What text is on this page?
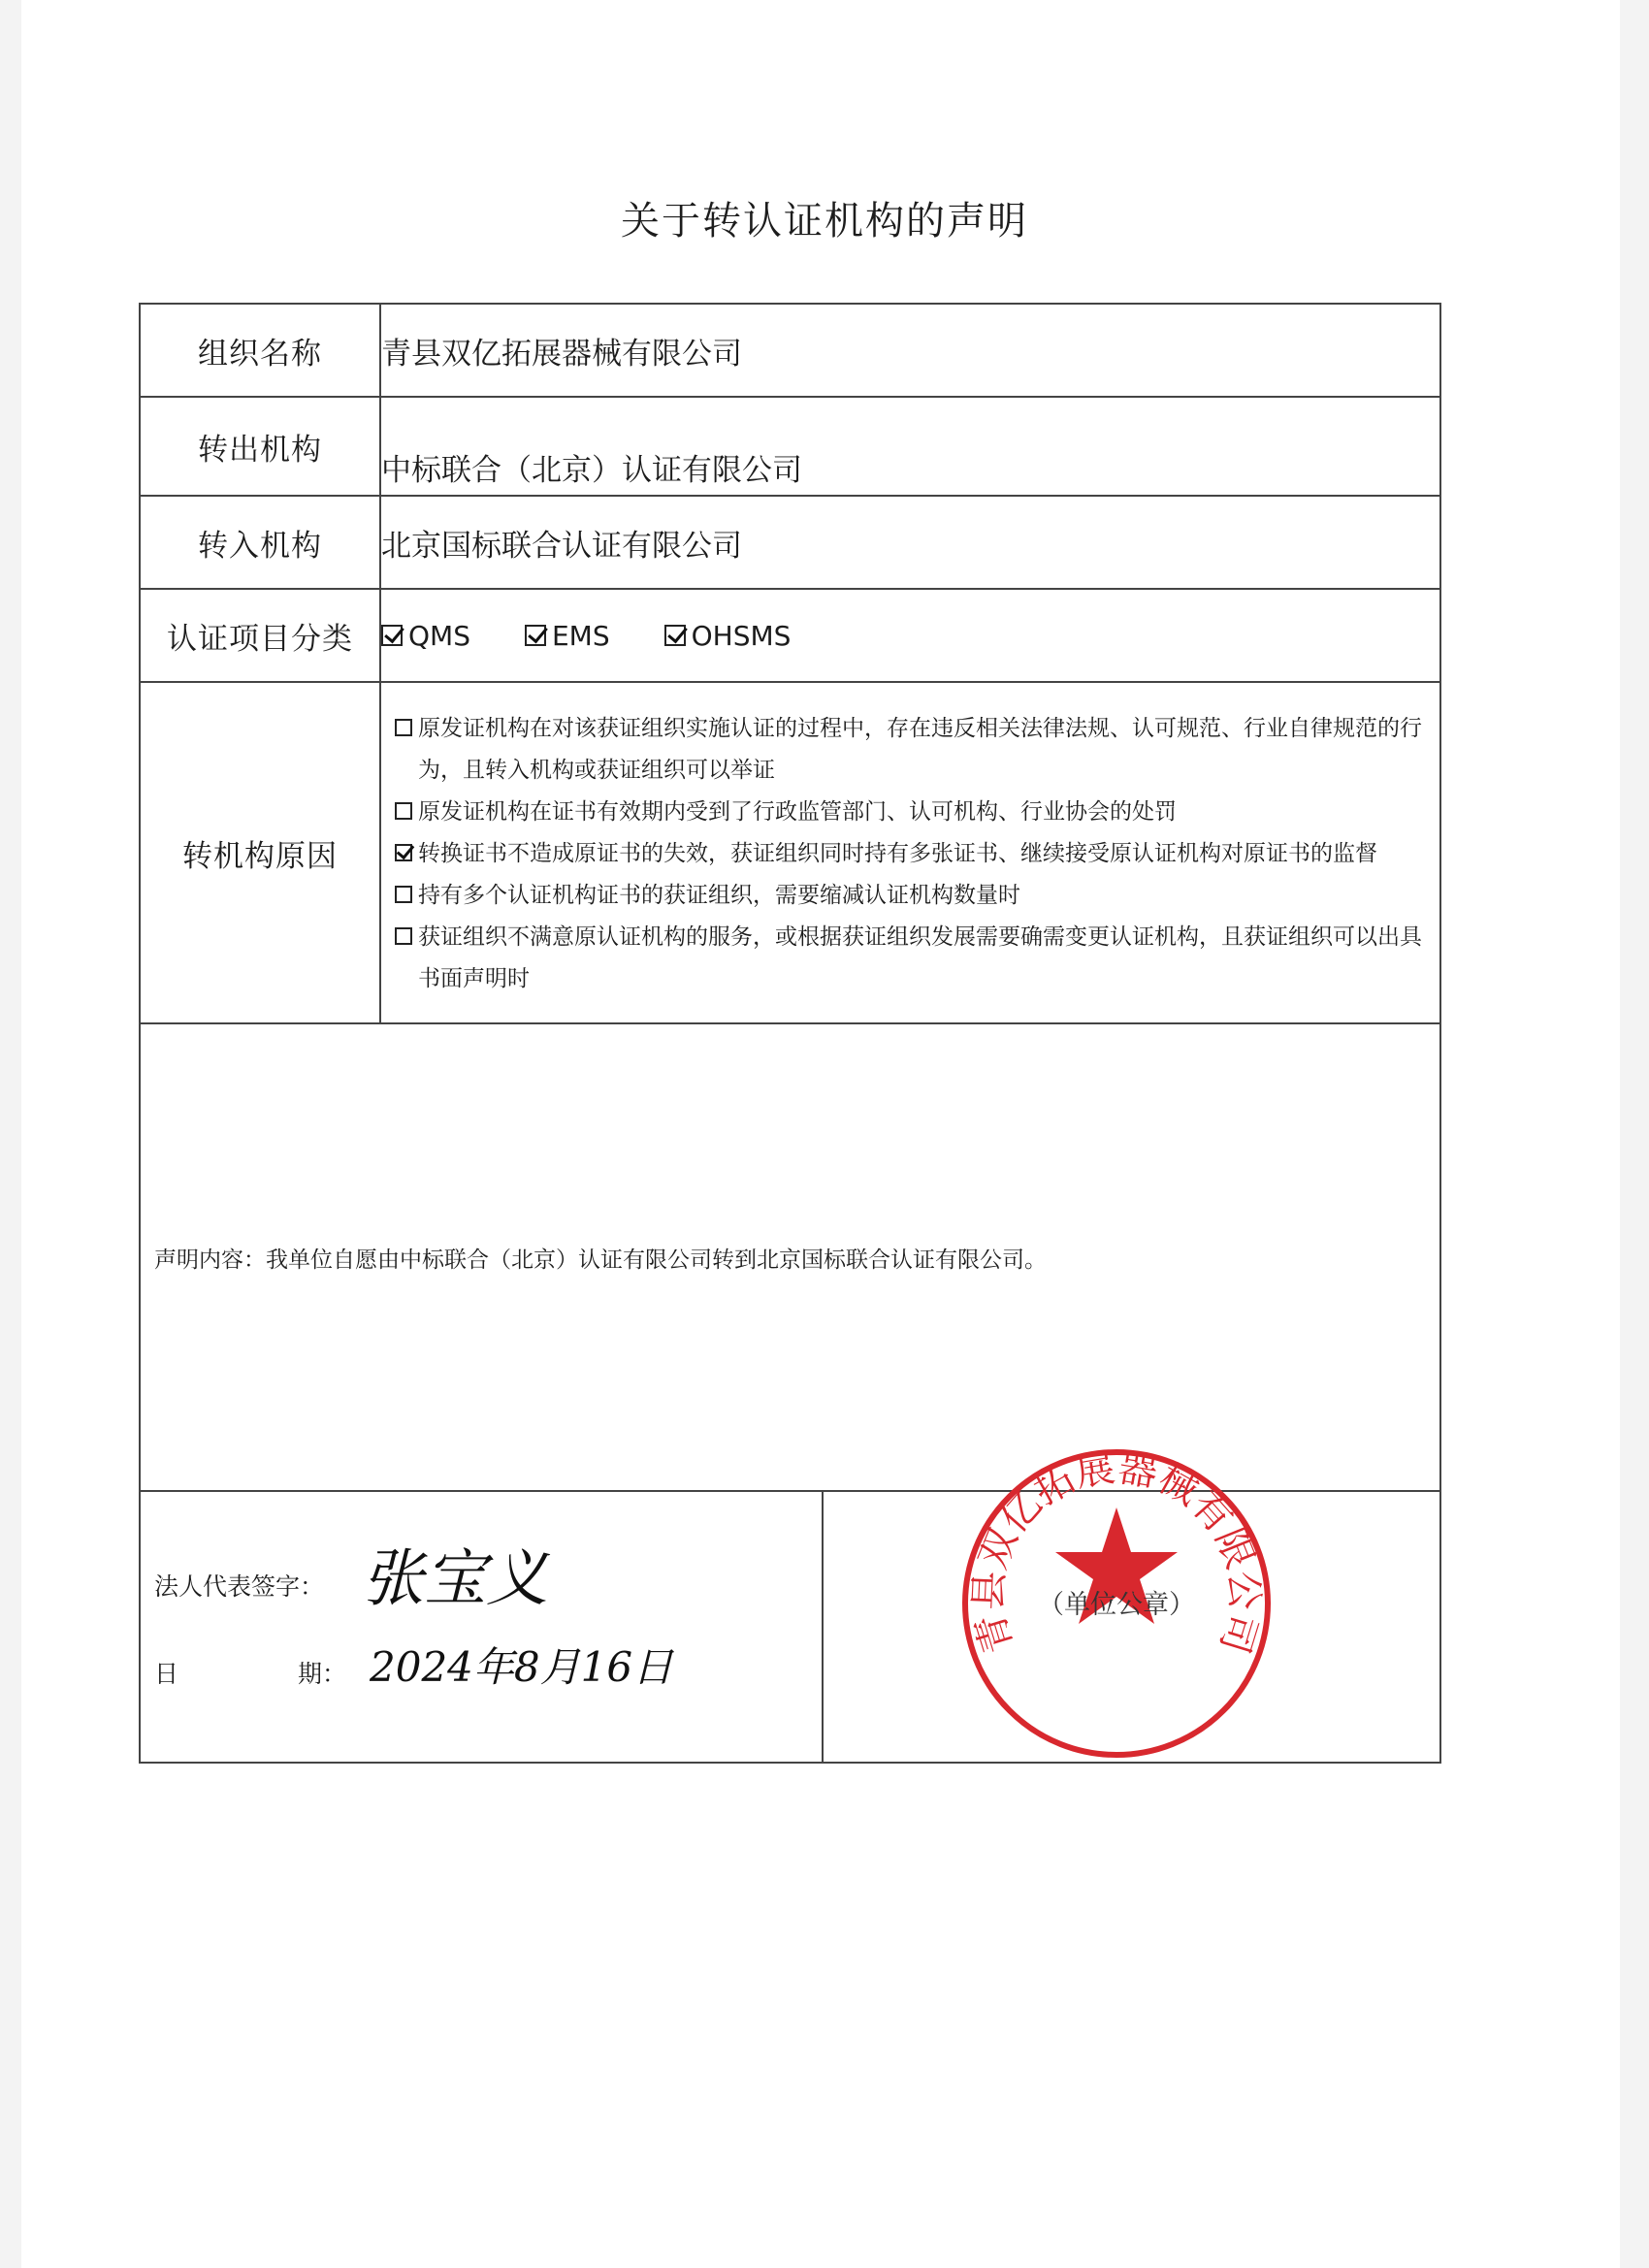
关于转认证机构的声明
组织名称	青县双亿拓展器械有限公司
转出机构	中标联合（北京）认证有限公司
转入机构	北京国标联合认证有限公司
认证项目分类	QMS EMS OHSMS

转机构原因	原发证机构在对该获证组织实施认证的过程中，存在违反相关法律法规、认可规范、行业自律规范的行为，且转入机构或获证组织可以举证
原发证机构在证书有效期内受到了行政监管部门、认可机构、行业协会的处罚
转换证书不造成原证书的失效，获证组织同时持有多张证书、继续接受原认证机构对原证书的监督
持有多个认证机构证书的获证组织，需要缩减认证机构数量时
获证组织不满意原认证机构的服务，或根据获证组织发展需要确需变更认证机构，且获证组织可以出具书面声明时

声明内容：我单位自愿由中标联合（北京）认证有限公司转到北京国标联合认证有限公司。	

法人代表签字： 张宝义
日 期： 2024年8月16日	
青县双亿拓展器械有限公司
（单位公章）
